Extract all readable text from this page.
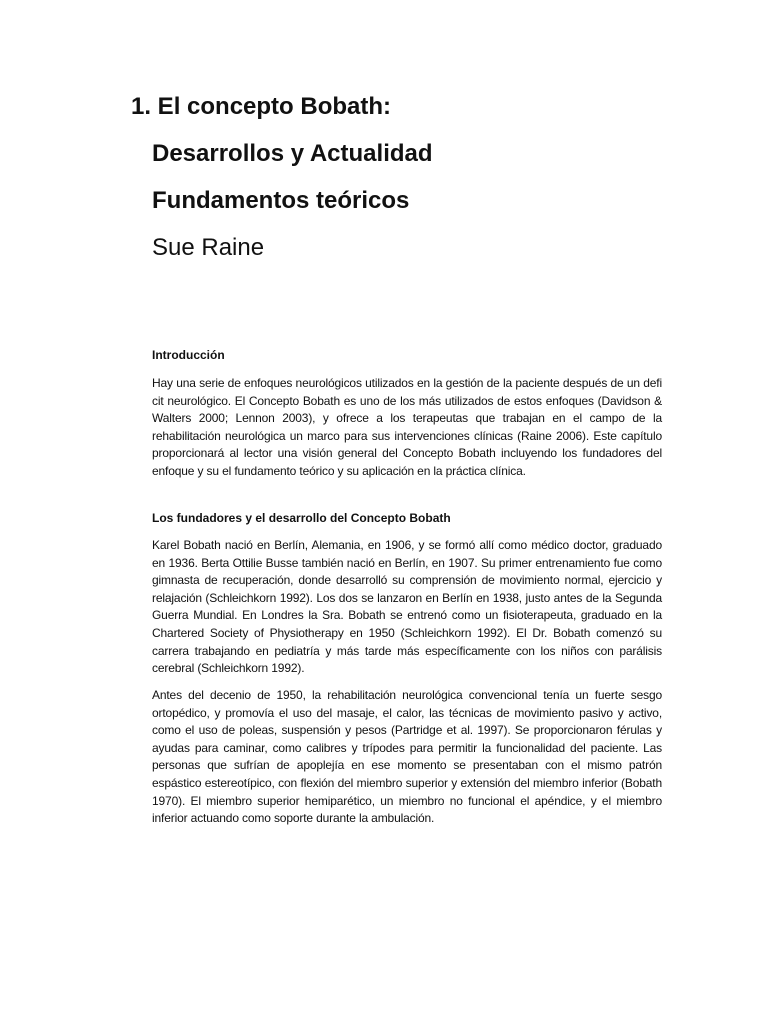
1. El concepto Bobath:
Desarrollos y Actualidad
Fundamentos teóricos

Sue Raine

Introducción

Hay una serie de enfoques neurológicos utilizados en la gestión de la paciente después de un defi cit neurológico. El Concepto Bobath es uno de los más utilizados de estos enfoques (Davidson & Walters 2000; Lennon 2003), y ofrece a los terapeutas que trabajan en el campo de la rehabilitación neurológica un marco para sus intervenciones clínicas (Raine 2006). Este capítulo proporcionará al lector una visión general del Concepto Bobath incluyendo los fundadores del enfoque y su el fundamento teórico y su aplicación en la práctica clínica.

Los fundadores y el desarrollo del Concepto Bobath

Karel Bobath nació en Berlín, Alemania, en 1906, y se formó allí como médico doctor, graduado en 1936. Berta Ottilie Busse también nació en Berlín, en 1907. Su primer entrenamiento fue como gimnasta de recuperación, donde desarrolló su comprensión de movimiento normal, ejercicio y relajación (Schleichkorn 1992). Los dos se lanzaron en Berlín en 1938, justo antes de la Segunda Guerra Mundial. En Londres la Sra. Bobath se entrenó como un fisioterapeuta, graduado en la Chartered Society of Physiotherapy en 1950 (Schleichkorn 1992). El Dr. Bobath comenzó su carrera trabajando en pediatría y más tarde más específicamente con los niños con parálisis cerebral (Schleichkorn 1992).

Antes del decenio de 1950, la rehabilitación neurológica convencional tenía un fuerte sesgo ortopédico, y promovía el uso del masaje, el calor, las técnicas de movimiento pasivo y activo, como el uso de poleas, suspensión y pesos (Partridge et al. 1997). Se proporcionaron férulas y ayudas para caminar, como calibres y trípodes para permitir la funcionalidad del paciente. Las personas que sufrían de apoplejía en ese momento se presentaban con el mismo patrón espástico estereotípico, con flexión del miembro superior y extensión del miembro inferior (Bobath 1970). El miembro superior hemiparético, un miembro no funcional el apéndice, y el miembro inferior actuando como soporte durante la ambulación.
